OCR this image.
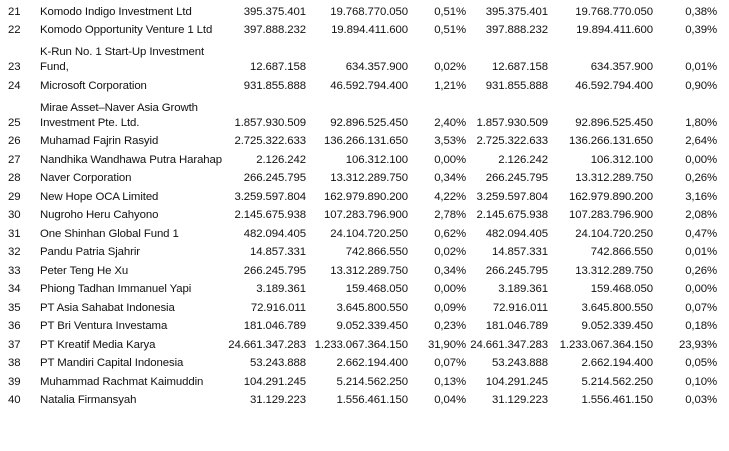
21	Komodo Indigo Investment Ltd	395.375.401	19.768.770.050	0,51%	395.375.401	19.768.770.050	0,38%
22	Komodo Opportunity Venture 1 Ltd	397.888.232	19.894.411.600	0,51%	397.888.232	19.894.411.600	0,39%
23	K-Run No. 1 Start-Up Investment Fund,	12.687.158	634.357.900	0,02%	12.687.158	634.357.900	0,01%
24	Microsoft Corporation	931.855.888	46.592.794.400	1,21%	931.855.888	46.592.794.400	0,90%
25	Mirae Asset–Naver Asia Growth Investment Pte. Ltd.	1.857.930.509	92.896.525.450	2,40%	1.857.930.509	92.896.525.450	1,80%
26	Muhamad Fajrin Rasyid	2.725.322.633	136.266.131.650	3,53%	2.725.322.633	136.266.131.650	2,64%
27	Nandhika Wandhawa Putra Harahap	2.126.242	106.312.100	0,00%	2.126.242	106.312.100	0,00%
28	Naver Corporation	266.245.795	13.312.289.750	0,34%	266.245.795	13.312.289.750	0,26%
29	New Hope OCA Limited	3.259.597.804	162.979.890.200	4,22%	3.259.597.804	162.979.890.200	3,16%
30	Nugroho Heru Cahyono	2.145.675.938	107.283.796.900	2,78%	2.145.675.938	107.283.796.900	2,08%
31	One Shinhan Global Fund 1	482.094.405	24.104.720.250	0,62%	482.094.405	24.104.720.250	0,47%
32	Pandu Patria Sjahrir	14.857.331	742.866.550	0,02%	14.857.331	742.866.550	0,01%
33	Peter Teng He Xu	266.245.795	13.312.289.750	0,34%	266.245.795	13.312.289.750	0,26%
34	Phiong Tadhan Immanuel Yapi	3.189.361	159.468.050	0,00%	3.189.361	159.468.050	0,00%
35	PT Asia Sahabat Indonesia	72.916.011	3.645.800.550	0,09%	72.916.011	3.645.800.550	0,07%
36	PT Bri Ventura Investama	181.046.789	9.052.339.450	0,23%	181.046.789	9.052.339.450	0,18%
37	PT Kreatif Media Karya	24.661.347.283	1.233.067.364.150	31,90%	24.661.347.283	1.233.067.364.150	23,93%
38	PT Mandiri Capital Indonesia	53.243.888	2.662.194.400	0,07%	53.243.888	2.662.194.400	0,05%
39	Muhammad Rachmat Kaimuddin	104.291.245	5.214.562.250	0,13%	104.291.245	5.214.562.250	0,10%
40	Natalia Firmansyah	31.129.223	1.556.461.150	0,04%	31.129.223	1.556.461.150	0,03%
